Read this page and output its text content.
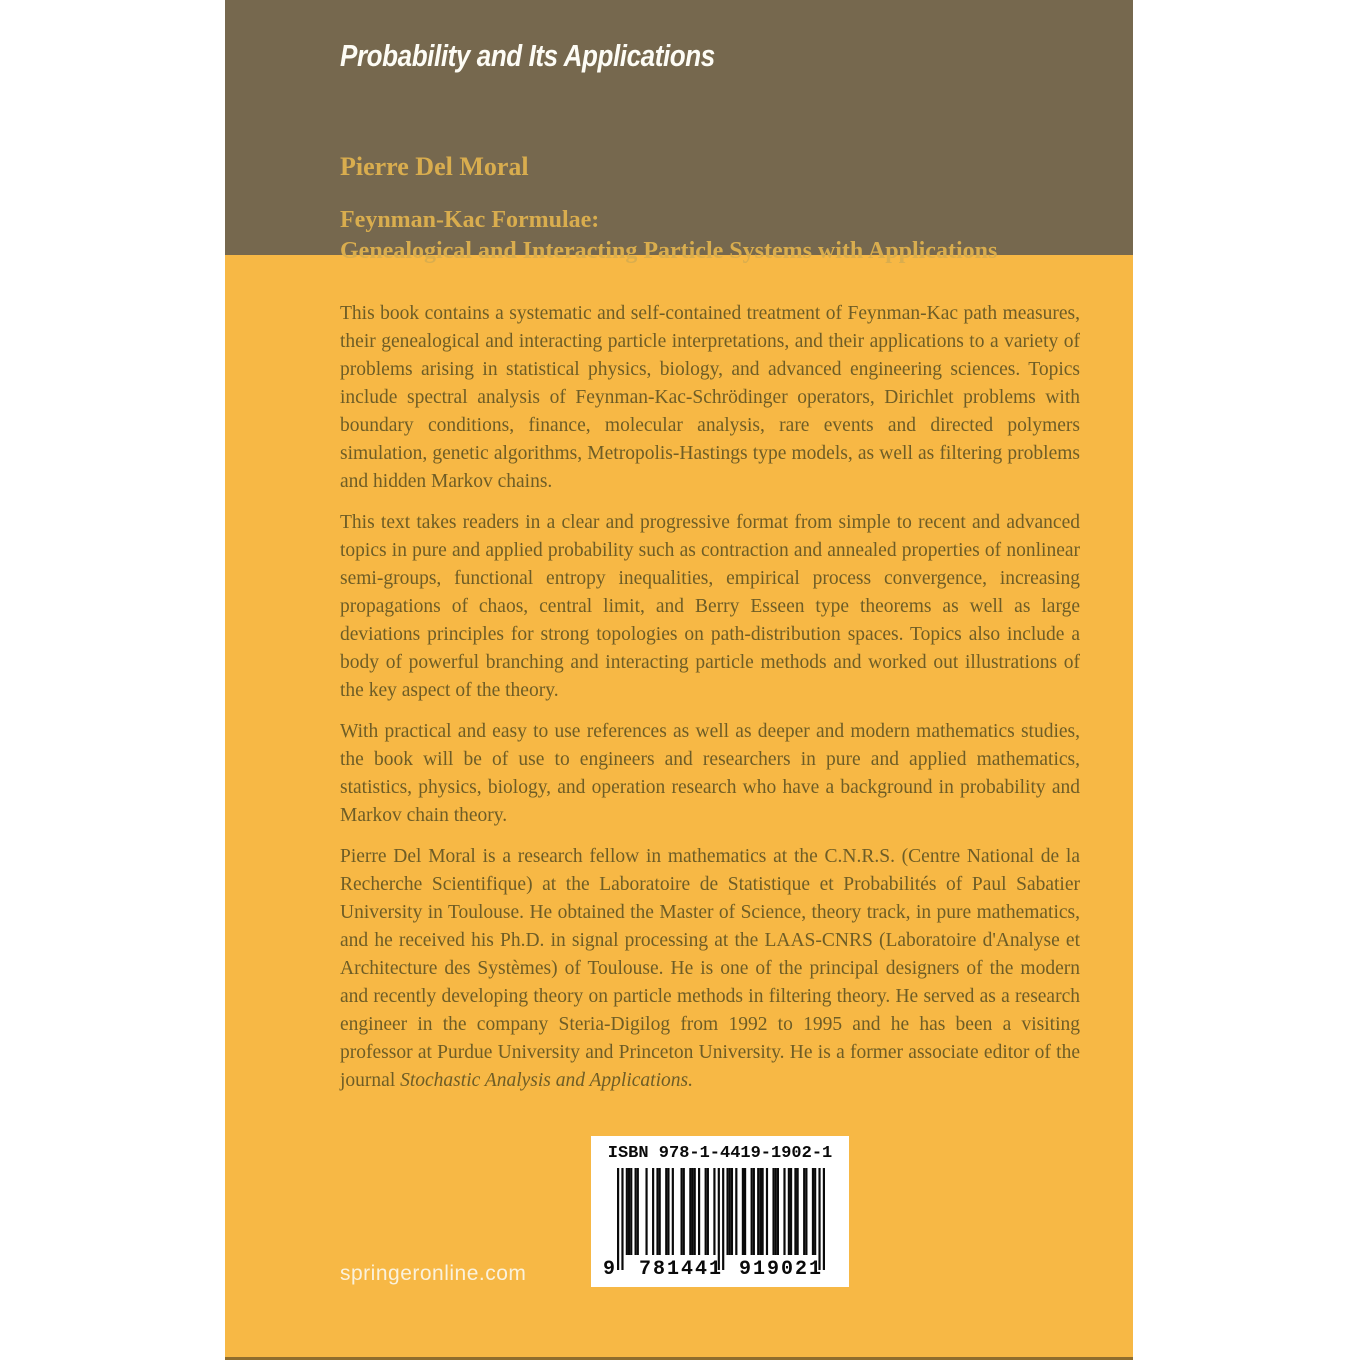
Probability and Its Applications

Pierre Del Moral

Feynman-Kac Formulae:
Genealogical and Interacting Particle Systems with Applications

This book contains a systematic and self-contained treatment of Feynman-Kac path measures, their genealogical and interacting particle interpretations, and their applications to a variety of problems arising in statistical physics, biology, and advanced engineering sciences. Topics include spectral analysis of Feynman-Kac-Schrödinger operators, Dirichlet problems with boundary conditions, finance, molecular analysis, rare events and directed polymers simulation, genetic algorithms, Metropolis-Hastings type models, as well as filtering problems and hidden Markov chains.

This text takes readers in a clear and progressive format from simple to recent and advanced topics in pure and applied probability such as contraction and annealed properties of nonlinear semi-groups, functional entropy inequalities, empirical process convergence, increasing propagations of chaos, central limit, and Berry Esseen type theorems as well as large deviations principles for strong topologies on path-distribution spaces. Topics also include a body of powerful branching and interacting particle methods and worked out illustrations of the key aspect of the theory.

With practical and easy to use references as well as deeper and modern mathematics studies, the book will be of use to engineers and researchers in pure and applied mathematics, statistics, physics, biology, and operation research who have a background in probability and Markov chain theory.

Pierre Del Moral is a research fellow in mathematics at the C.N.R.S. (Centre National de la Recherche Scientifique) at the Laboratoire de Statistique et Probabilités of Paul Sabatier University in Toulouse. He obtained the Master of Science, theory track, in pure mathematics, and he received his Ph.D. in signal processing at the LAAS-CNRS (Laboratoire d'Analyse et Architecture des Systèmes) of Toulouse. He is one of the principal designers of the modern and recently developing theory on particle methods in filtering theory. He served as a research engineer in the company Steria-Digilog from 1992 to 1995 and he has been a visiting professor at Purdue University and Princeton University. He is a former associate editor of the journal Stochastic Analysis and Applications.

ISBN 978-1-4419-1902-1
9 781441 919021

springeronline.com
